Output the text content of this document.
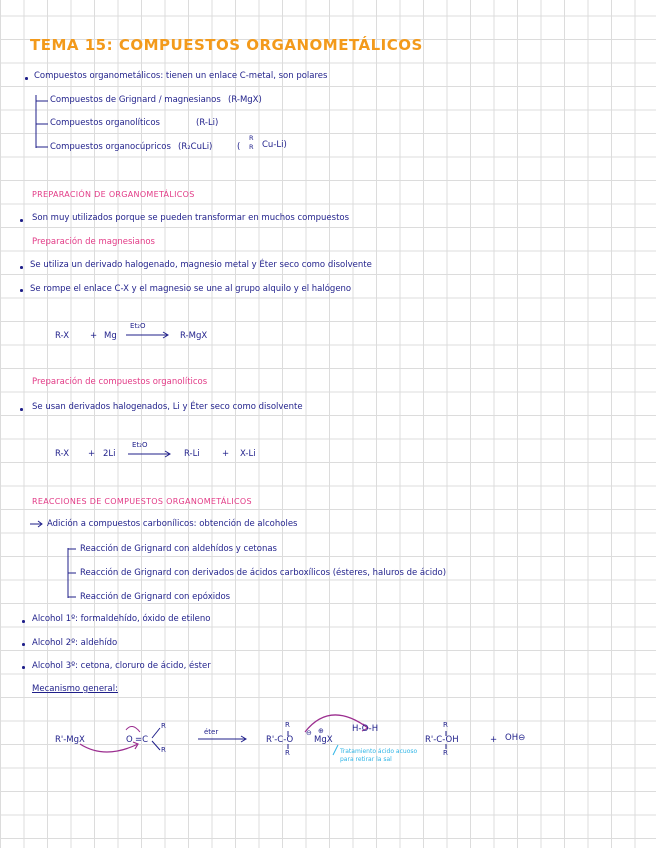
TEMA 15: COMPUESTOS ORGANOMETÁLICOS
Compuestos organometálicos: tienen un enlace C-metal, son polares
Compuestos de Grignard / magnesianos (R-MgX)
Compuestos organolíticos	(R-Li)
Compuestos organocúpricos (R₂CuLi)	(
R
R Cu-Li)
PREPARACIÓN DE ORGANOMETÁLICOS
Son muy utilizados porque se pueden transformar en muchos compuestos
Preparación de magnesianos
Se utiliza un derivado halogenado, magnesio metal y Éter seco como disolvente
Se rompe el enlace C-X y el magnesio se une al grupo alquilo y el halógeno
R-X + Mg
Et₂O
R-MgX
Preparación de compuestos organolíticos
Se usan derivados halogenados, Li y Éter seco como disolvente
R-X + 2Li
Et₂O
R-Li	+ X-Li
REACCIONES DE COMPUESTOS ORGANOMETÁLICOS
Adición a compuestos carbonílicos: obtención de alcoholes
Reacción de Grignard con aldehídos y cetonas
Reacción de Grignard con derivados de ácidos carboxílicos (ésteres, haluros de ácido)
Reacción de Grignard con epóxidos
Alcohol 1º: formaldehído, óxido de etileno
Alcohol 2º: aldehído
Alcohol 3º: cetona, cloruro de ácido, éster
Mecanismo general:
R'-MgX	O =C
R
R
éter
R'-C-O
R
R
⊖
MgX
⊕	H-O-H
Tratamiento ácido acuoso para retirar la sal
R'-C-OH
R
R
+ OH⊖
